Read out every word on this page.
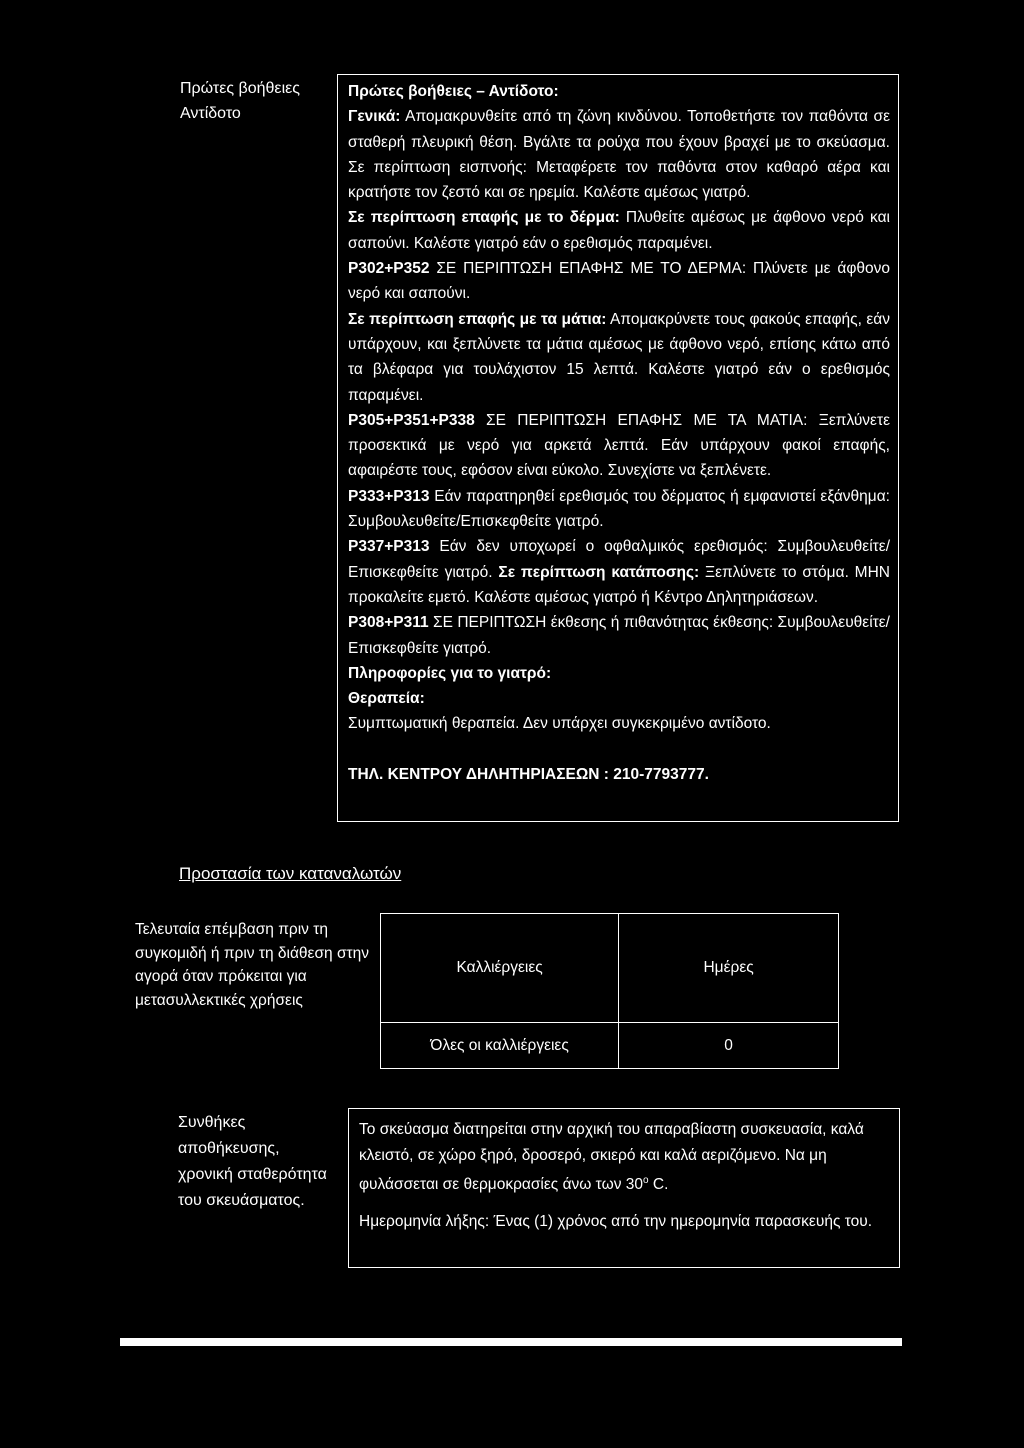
Πρώτες βοήθειες
Αντίδοτο

Πρώτες βοήθειες – Αντίδοτο:

Γενικά: Απομακρυνθείτε από τη ζώνη κινδύνου. Τοποθετήστε τον παθόντα σε σταθερή πλευρική θέση. Βγάλτε τα ρούχα που έχουν βραχεί με το σκεύασμα. Σε περίπτωση εισπνοής: Μεταφέρετε τον παθόντα στον καθαρό αέρα και κρατήστε τον ζεστό και σε ηρεμία. Καλέστε αμέσως γιατρό.

Σε περίπτωση επαφής με το δέρμα: Πλυθείτε αμέσως με άφθονο νερό και σαπούνι. Καλέστε γιατρό εάν ο ερεθισμός παραμένει.

P302+P352 ΣΕ ΠΕΡΙΠΤΩΣΗ ΕΠΑΦΗΣ ΜΕ ΤΟ ΔΕΡΜΑ: Πλύνετε με άφθονο νερό και σαπούνι.

Σε περίπτωση επαφής με τα μάτια: Απομακρύνετε τους φακούς επαφής, εάν υπάρχουν, και ξεπλύνετε τα μάτια αμέσως με άφθονο νερό, επίσης κάτω από τα βλέφαρα για τουλάχιστον 15 λεπτά. Καλέστε γιατρό εάν ο ερεθισμός παραμένει.

P305+P351+P338 ΣΕ ΠΕΡΙΠΤΩΣΗ ΕΠΑΦΗΣ ΜΕ ΤΑ ΜΑΤΙΑ: Ξεπλύνετε προσεκτικά με νερό για αρκετά λεπτά. Εάν υπάρχουν φακοί επαφής, αφαιρέστε τους, εφόσον είναι εύκολο. Συνεχίστε να ξεπλένετε.

P333+P313 Εάν παρατηρηθεί ερεθισμός του δέρματος ή εμφανιστεί εξάνθημα: Συμβουλευθείτε/Επισκεφθείτε γιατρό.

P337+P313 Εάν δεν υποχωρεί ο οφθαλμικός ερεθισμός: Συμβουλευθείτε/Επισκεφθείτε γιατρό. Σε περίπτωση κατάποσης: Ξεπλύνετε το στόμα. ΜΗΝ προκαλείτε εμετό. Καλέστε αμέσως γιατρό ή Κέντρο Δηλητηριάσεων.

P308+P311 ΣΕ ΠΕΡΙΠΤΩΣΗ έκθεσης ή πιθανότητας έκθεσης: Συμβουλευθείτε/Επισκεφθείτε γιατρό.

Πληροφορίες για το γιατρό:

Θεραπεία:

Συμπτωματική θεραπεία. Δεν υπάρχει συγκεκριμένο αντίδοτο.

ΤΗΛ. ΚΕΝΤΡΟΥ ΔΗΛΗΤΗΡΙΑΣΕΩΝ : 210-7793777.

Προστασία των καταναλωτών
Τελευταία επέμβαση πριν τη συγκομιδή ή πριν τη διάθεση στην αγορά όταν πρόκειται για μετασυλλεκτικές χρήσεις
Καλλιέργειες	Ημέρες
Όλες οι καλλιέργειες	0
Συνθήκες αποθήκευσης, χρονική σταθερότητα του σκευάσματος.

Το σκεύασμα διατηρείται στην αρχική του απαραβίαστη συσκευασία, καλά κλειστό, σε χώρο ξηρό, δροσερό, σκιερό και καλά αεριζόμενο. Να μη φυλάσσεται σε θερμοκρασίες άνω των 30$^o$ C.

Ημερομηνία λήξης: Ένας (1) χρόνος από την ημερομηνία παρασκευής του.
